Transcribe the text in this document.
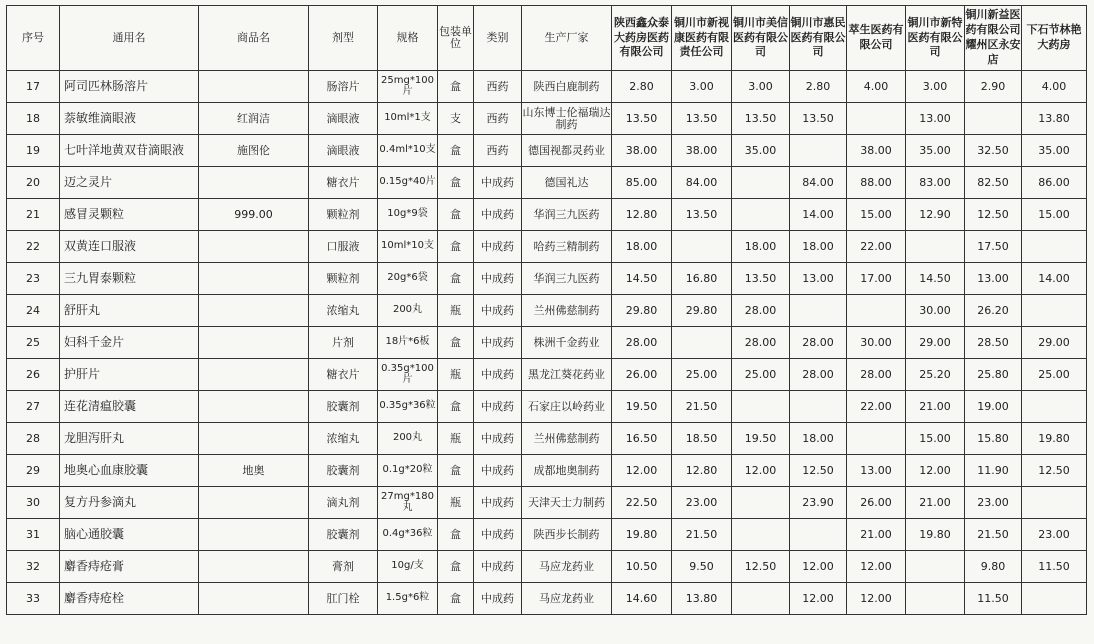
序号	通用名	商品名	剂型	规格	包装单位	类别	生产厂家	陕西鑫众泰大药房医药有限公司	铜川市新视康医药有限责任公司	铜川市美信医药有限公司	铜川市惠民医药有限公司	萃生医药有限公司	铜川市新特医药有限公司	铜川新益医药有限公司耀州区永安店	下石节林艳大药房
17	阿司匹林肠溶片		肠溶片	25mg*100片	盒	西药	陕西白鹿制药	2.80	3.00	3.00	2.80	4.00	3.00	2.90	4.00
18	萘敏维滴眼液	红润洁	滴眼液	10ml*1支	支	西药	山东博士伦福瑞达制药	13.50	13.50	13.50	13.50		13.00		13.80
19	七叶洋地黄双苷滴眼液	施图伦	滴眼液	0.4ml*10支	盒	西药	德国视都灵药业	38.00	38.00	35.00		38.00	35.00	32.50	35.00
20	迈之灵片		糖衣片	0.15g*40片	盒	中成药	德国礼达	85.00	84.00		84.00	88.00	83.00	82.50	86.00
21	感冒灵颗粒	999.00	颗粒剂	10g*9袋	盒	中成药	华润三九医药	12.80	13.50		14.00	15.00	12.90	12.50	15.00
22	双黄连口服液		口服液	10ml*10支	盒	中成药	哈药三精制药	18.00		18.00	18.00	22.00		17.50	
23	三九胃泰颗粒		颗粒剂	20g*6袋	盒	中成药	华润三九医药	14.50	16.80	13.50	13.00	17.00	14.50	13.00	14.00
24	舒肝丸		浓缩丸	200丸	瓶	中成药	兰州佛慈制药	29.80	29.80	28.00			30.00	26.20	
25	妇科千金片		片剂	18片*6板	盒	中成药	株洲千金药业	28.00		28.00	28.00	30.00	29.00	28.50	29.00
26	护肝片		糖衣片	0.35g*100片	瓶	中成药	黑龙江葵花药业	26.00	25.00	25.00	28.00	28.00	25.20	25.80	25.00
27	连花清瘟胶囊		胶囊剂	0.35g*36粒	盒	中成药	石家庄以岭药业	19.50	21.50			22.00	21.00	19.00	
28	龙胆泻肝丸		浓缩丸	200丸	瓶	中成药	兰州佛慈制药	16.50	18.50	19.50	18.00		15.00	15.80	19.80
29	地奥心血康胶囊	地奥	胶囊剂	0.1g*20粒	盒	中成药	成都地奥制药	12.00	12.80	12.00	12.50	13.00	12.00	11.90	12.50
30	复方丹参滴丸		滴丸剂	27mg*180丸	瓶	中成药	天津天士力制药	22.50	23.00		23.90	26.00	21.00	23.00	
31	脑心通胶囊		胶囊剂	0.4g*36粒	盒	中成药	陕西步长制药	19.80	21.50			21.00	19.80	21.50	23.00
32	麝香痔疮膏		膏剂	10g/支	盒	中成药	马应龙药业	10.50	9.50	12.50	12.00	12.00		9.80	11.50
33	麝香痔疮栓		肛门栓	1.5g*6粒	盒	中成药	马应龙药业	14.60	13.80		12.00	12.00		11.50	
